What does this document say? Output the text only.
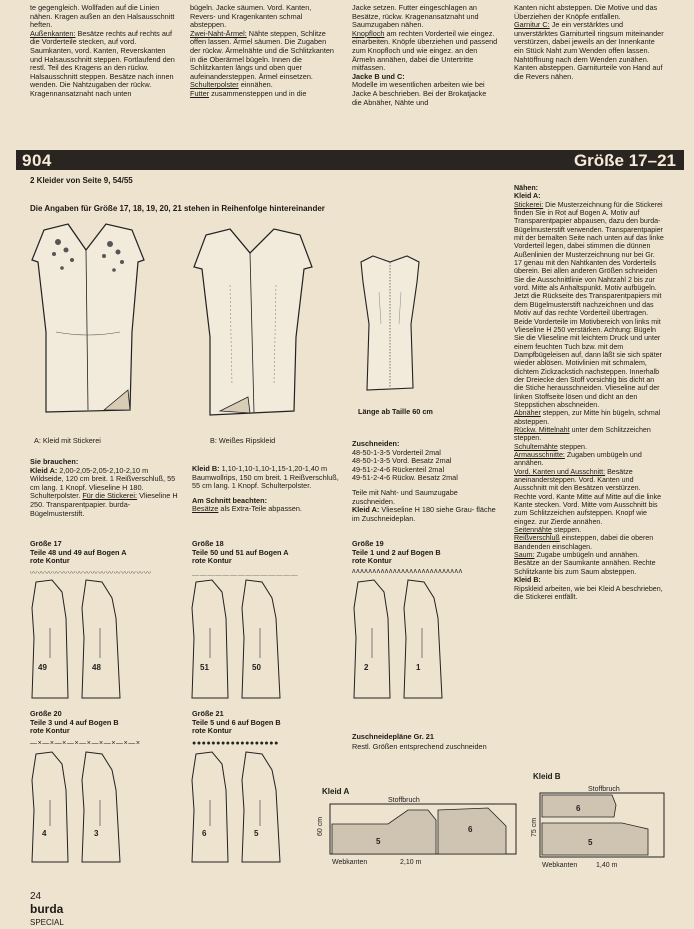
te gegengleich. Wollfaden auf die Linien nähen. Kragen außen an den Halsausschnitt heften.
Außenkanten: Besätze rechts auf rechts auf die Vorderteile stecken, auf vord. Saumkanten, vord. Kanten, Reverskanten und Halsausschnitt steppen. Fortlaufend den restl. Teil des Kragens an den rückw. Halsausschnitt steppen. Besätze nach innen wenden. Die Nahtzugaben der rückw. Kragennansatznaht nach unten

bügeln. Jacke säumen. Vord. Kanten, Revers- und Kragenkanten schmal absteppen.
Zwei-Naht-Ärmel: Nähte steppen, Schlitze offen lassen. Ärmel säumen. Die Zugaben der rückw. Ärmelnähte und die Schlitzkanten in die Oberärmel bügeln. Innen die Schlitzkanten längs und oben quer aufeinandersteppen. Ärmel einsetzen.
Schulterpolster einnähen.
Futter zusammensteppen und in die

Jacke setzen. Futter eingeschlagen an Besätze, rückw. Kragenansatznaht und Saumzugaben nähen.
Knopfloch am rechten Vorderteil wie eingez. einarbeiten. Knöpfe überziehen und passend zum Knopfloch und wie eingez. an den Ärmeln annähen, dabei die Untertritte mitfassen.
Jacke B und C:
Modelle im wesentlichen arbeiten wie bei Jacke A beschrieben. Bei der Brokatjacke die Abnäher, Nähte und

Kanten nicht absteppen. Die Motive und das Überziehen der Knöpfe entfallen.
Garnitur C: Je ein verstärktes und unverstärktes Garniturteil ringsum miteinander verstürzen, dabei jeweils an der Innenkante ein Stück Naht zum Wenden offen lassen. Nahtöffnung nach dem Wenden zunähen. Kanten absteppen. Garniturteile von Hand auf die Revers nähen.

904	Größe 17–21
2 Kleider von Seite 9, 54/55
Die Angaben für Größe 17, 18, 19, 20, 21 stehen in Reihenfolge hintereinander
A: Kleid mit Stickerei	B: Weißes Ripskleid
Länge ab Taille 60 cm

Sie brauchen:

Kleid A: 2,00-2,05-2,05-2,10-2,10 m Wildseide, 120 cm breit. 1 Reißverschluß, 55 cm lang. 1 Knopf. Vlieseline H 180. Schulterpolster. Für die Stickerei: Vlieseline H 250. Transparentpapier. burda-Bügelmusterstift.

Kleid B: 1,10-1,10-1,10-1,15-1,20-1,40 m Baumwollrips, 150 cm breit. 1 Reißverschluß, 55 cm lang. 1 Knopf. Schulterpolster.

Am Schnitt beachten:

Besätze als Extra-Teile abpassen.

Zuschneiden:

48-50-1-3-5 Vorderteil 2mal

48-50-1-3-5 Vord. Besatz 2mal

49-51-2-4-6 Rückenteil 2mal

49-51-2-4-6 Rückw. Besatz 2mal

Teile mit Naht- und Saumzugabe zuschneiden.

Kleid A: Vlieseline H 180 siehe Grau- fläche im Zuschneideplan.

Größe 17

Teile 48 und 49 auf Bogen A

rote Kontur

〰〰〰〰〰〰〰〰〰〰〰〰〰〰〰〰

Größe 18

Teile 50 und 51 auf Bogen A

rote Kontur

＿＿＿＿＿＿＿＿＿＿＿＿＿＿

Größe 19

Teile 1 und 2 auf Bogen B

rote Kontur

ʌʌʌʌʌʌʌʌʌʌʌʌʌʌʌʌʌʌʌʌʌʌʌʌʌʌʌ

Größe 20

Teile 3 und 4 auf Bogen B

rote Kontur

—×—×—×—×—×—×—×—×—×

Größe 21

Teile 5 und 6 auf Bogen B

rote Kontur

●●●●●●●●●●●●●●●●●●
49	48	51	50	2	1
4	3	6	5

Zuschneidepläne Gr. 21

Restl. Größen entsprechend zuschneiden
Kleid A
Stoffbruch
60 cm
Webkanten	2,10 m
5
6
Kleid B
Stoffbruch
75 cm
Webkanten	1,40 m
6
5

Nähen:

Kleid A:

Stickerei: Die Musterzeichnung für die Stickerei finden Sie in Rot auf Bogen A. Motiv auf Transparentpapier abpausen, dazu den burda-Bügelmusterstift verwenden. Transparentpapier mit der bemalten Seite nach unten auf das linke Vorderteil legen, dabei stimmen die dünnen Außenlinien der Musterzeichnung nur bei Gr. 17 genau mit den Nahtkanten des Vorderteils überein. Bei allen anderen Größen schneiden Sie die Ausschnittlinie von Nahtzahl 2 bis zur vord. Mitte als Anhaltspunkt. Motiv aufbügeln. Jetzt die Rückseite des Transparentpapiers mit dem Bügelmusterstift nachzeichnen und das Motiv auf das rechte Vorderteil übertragen. Beide Vorderteile im Motivbereich von links mit Vlieseline H 250 verstärken. Achtung: Bügeln Sie die Vlieseline mit leichtem Druck und unter einem feuchten Tuch bzw. mit dem Dampfbügeleisen auf, dann läßt sie sich später wieder ablösen. Motivlinien mit schmalem, dichtem Zickzackstich nachsteppen. Innerhalb der Dreiecke den Stoff vorsichtig bis dicht an die Stiche herausschneiden. Vlieseline auf der linken Stoffseite lösen und dicht an den Steppstichen abschneiden.

Abnäher steppen, zur Mitte hin bügeln, schmal absteppen.

Rückw. Mittelnaht unter dem Schlitzzeichen steppen.

Schulternähte steppen.

Armausschnitte: Zugaben umbügeln und annähen.

Vord. Kanten und Ausschnitt: Besätze aneinandersteppen. Vord. Kanten und Ausschnitt mit den Besätzen verstürzen. Rechte vord. Kante Mitte auf Mitte auf die linke Kante stecken. Vord. Mitte vom Ausschnitt bis zum Schlitzzeichen aufsteppen. Knopf wie eingez. zur Zierde annähen.

Seitennähte steppen.

Reißverschluß einsteppen, dabei die oberen Bandenden einschlagen.

Saum: Zugabe umbügeln und annähen. Besätze an der Saumkante annähen. Rechte Schlitzkante bis zum Saum absteppen.

Kleid B:

Ripskleid arbeiten, wie bei Kleid A beschrieben, die Stickerei entfällt.

24
burda
SPECIAL
